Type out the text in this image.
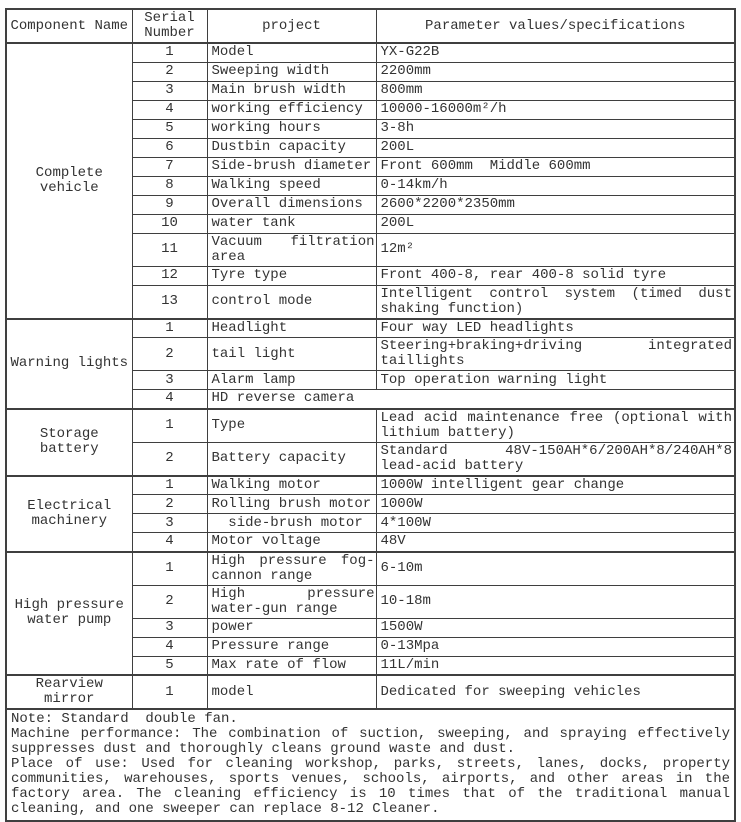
Component Name	Serial Number	project	Parameter values/specifications
Complete vehicle	1	Model	YX-G22B
	2	Sweeping width	2200mm
	3	Main brush width	800mm
	4	working efficiency	10000-16000m²/h
	5	working hours	3-8h
	6	Dustbin capacity	200L
	7	Side-brush diameter	Front 600mm  Middle 600mm
	8	Walking speed	0-14km/h
	9	Overall dimensions	2600*2200*2350mm
	10	water tank	200L
	11	Vacuum filtration area	12m²
	12	Tyre type	Front 400-8, rear 400-8 solid tyre
	13	control mode	Intelligent control system (timed dust shaking function)
Warning lights	1	Headlight	Four way LED headlights
	2	tail light	Steering+braking+driving integrated taillights
	3	Alarm lamp	Top operation warning light
	4	HD reverse camera	
Storage battery	1	Type	Lead acid maintenance free (optional with lithium battery)
	2	Battery capacity	Standard 48V-150AH*6/200AH*8/240AH*8 lead-acid battery
Electrical machinery	1	Walking motor	1000W intelligent gear change
	2	Rolling brush motor	1000W
	3	side-brush motor	4*100W
	4	Motor voltage	48V
High pressure water pump	1	High pressure fog-cannon range	6-10m
	2	High pressure water-gun range	10-18m
	3	power	1500W
	4	Pressure range	0-13Mpa
	5	Max rate of flow	11L/min
Rearview mirror	1	model	Dedicated for sweeping vehicles

Note: Standard  double fan.
Machine performance: The combination of suction, sweeping, and spraying effectively suppresses dust and thoroughly cleans ground waste and dust.
Place of use: Used for cleaning workshop, parks, streets, lanes, docks, property communities, warehouses, sports venues, schools, airports, and other areas in the factory area. The cleaning efficiency is 10 times that of the traditional manual cleaning, and one sweeper can replace 8-12 Cleaner.			
